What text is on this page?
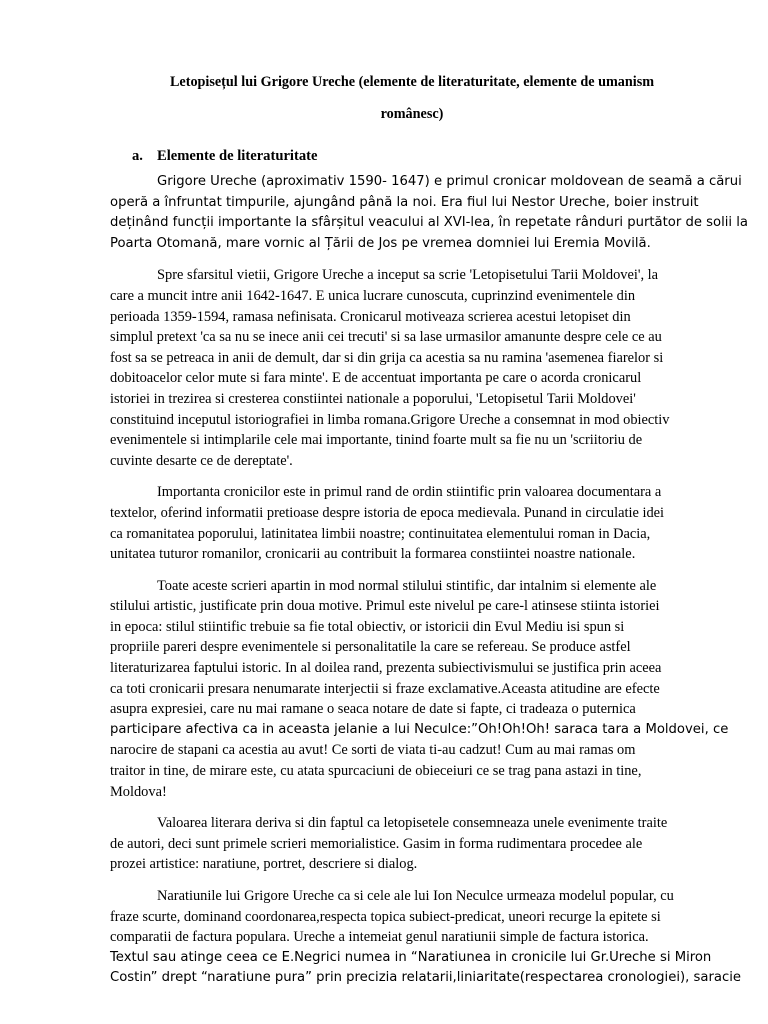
Letopisețul lui Grigore Ureche (elemente de literaturitate, elemente de umanism
românesc)
a. Elemente de literaturitate
Grigore Ureche (aproximativ 1590- 1647) e primul cronicar moldovean de seamă a cărui
operă a înfruntat timpurile, ajungând până la noi. Era fiul lui Nestor Ureche, boier instruit
deținând funcții importante la sfârșitul veacului al XVI-lea, în repetate rânduri purtător de solii la
Poarta Otomană, mare vornic al Țării de Jos pe vremea domniei lui Eremia Movilă.
Spre sfarsitul vietii, Grigore Ureche a inceput sa scrie 'Letopisetului Tarii Moldovei', la
care a muncit intre anii 1642-1647. E unica lucrare cunoscuta, cuprinzind evenimentele din
perioada 1359-1594, ramasa nefinisata. Cronicarul motiveaza scrierea acestui letopiset din
simplul pretext 'ca sa nu se inece anii cei trecuti' si sa lase urmasilor amanunte despre cele ce au
fost sa se petreaca in anii de demult, dar si din grija ca acestia sa nu ramina 'asemenea fiarelor si
dobitoacelor celor mute si fara minte'. E de accentuat importanta pe care o acorda cronicarul
istoriei in trezirea si cresterea constiintei nationale a poporului, 'Letopisetul Tarii Moldovei'
constituind inceputul istoriografiei in limba romana.Grigore Ureche a consemnat in mod obiectiv
evenimentele si intimplarile cele mai importante, tinind foarte mult sa fie nu un 'scriitoriu de
cuvinte desarte ce de dereptate'.
Importanta cronicilor este in primul rand de ordin stiintific prin valoarea documentara a
textelor, oferind informatii pretioase despre istoria de epoca medievala. Punand in circulatie idei
ca romanitatea poporului, latinitatea limbii noastre; continuitatea elementului roman in Dacia,
unitatea tuturor romanilor, cronicarii au contribuit la formarea constiintei noastre nationale.
Toate aceste scrieri apartin in mod normal stilului stintific, dar intalnim si elemente ale
stilului artistic, justificate prin doua motive. Primul este nivelul pe care-l atinsese stiinta istoriei
in epoca: stilul stiintific trebuie sa fie total obiectiv, or istoricii din Evul Mediu isi spun si
propriile pareri despre evenimentele si personalitatile la care se refereau. Se produce astfel
literaturizarea faptului istoric. In al doilea rand, prezenta subiectivismului se justifica prin aceea
ca toti cronicarii presara nenumarate interjectii si fraze exclamative.Aceasta atitudine are efecte
asupra expresiei, care nu mai ramane o seaca notare de date si fapte, ci tradeaza o puternica
participare afectiva ca in aceasta jelanie a lui Neculce:”Oh!Oh!Oh! saraca tara a Moldovei, ce
narocire de stapani ca acestia au avut! Ce sorti de viata ti-au cadzut! Cum au mai ramas om
traitor in tine, de mirare este, cu atata spurcaciuni de obieceiuri ce se trag pana astazi in tine,
Moldova!
Valoarea literara deriva si din faptul ca letopisetele consemneaza unele evenimente traite
de autori, deci sunt primele scrieri memorialistice. Gasim in forma rudimentara procedee ale
prozei artistice: naratiune, portret, descriere si dialog.
Naratiunile lui Grigore Ureche ca si cele ale lui Ion Neculce urmeaza modelul popular, cu
fraze scurte, dominand coordonarea,respecta topica subiect-predicat, uneori recurge la epitete si
comparatii de factura populara. Ureche a intemeiat genul naratiunii simple de factura istorica.
Textul sau atinge ceea ce E.Negrici numea in “Naratiunea in cronicile lui Gr.Ureche si Miron
Costin” drept “naratiune pura” prin precizia relatarii,liniaritate(respectarea cronologiei), saracie
